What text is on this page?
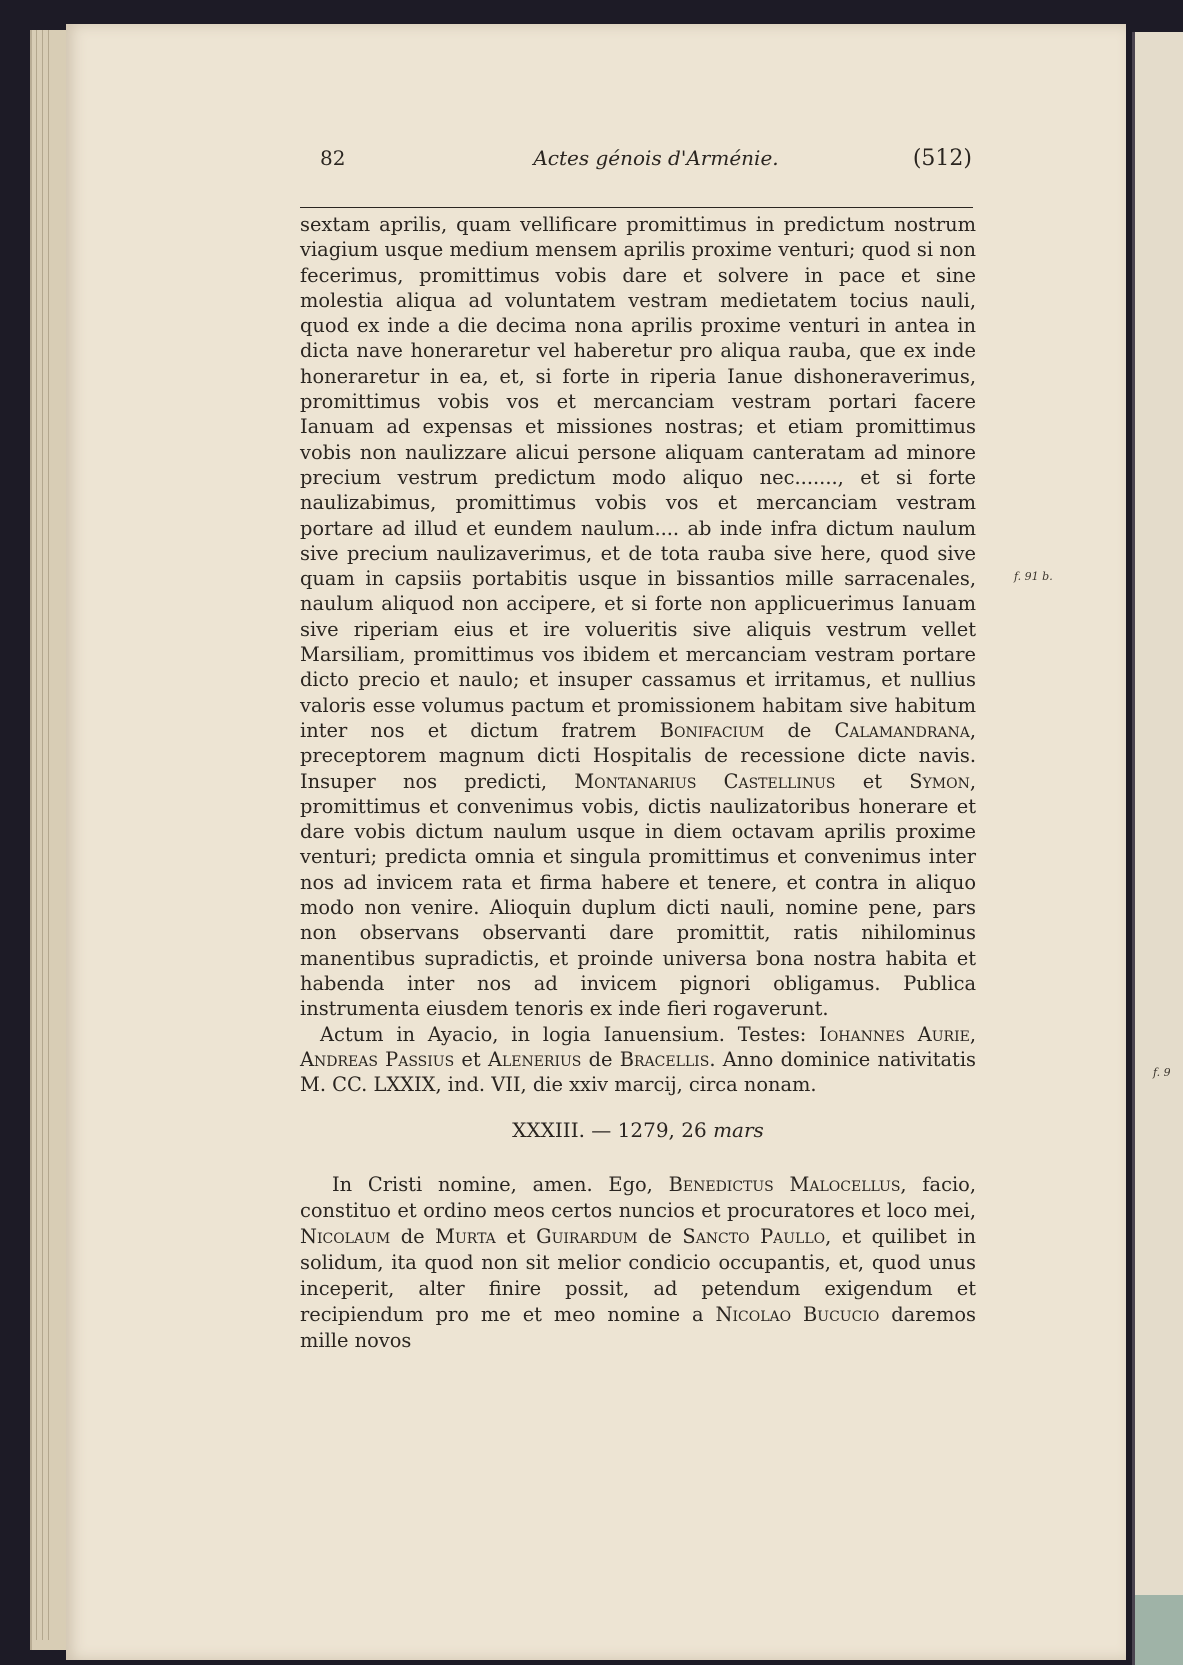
f. 9
82	Actes génois d'Arménie.	(512)

sextam aprilis, quam vellificare promittimus in predictum nostrum viagium usque medium mensem aprilis proxime venturi; quod si non fecerimus, promittimus vobis dare et solvere in pace et sine molestia aliqua ad voluntatem vestram medietatem tocius nauli, quod ex inde a die decima nona aprilis proxime venturi in antea in dicta nave honeraretur vel haberetur pro aliqua rauba, que ex inde honeraretur in ea, et, si forte in riperia Ianue dishoneraverimus, promittimus vobis vos et mercanciam vestram portari facere Ianuam ad expensas et missiones nostras; et etiam promittimus vobis non naulizzare alicui persone aliquam canteratam ad minore precium vestrum predictum modo aliquo nec......., et si forte naulizabimus, promittimus vobis vos et mercanciam vestram portare ad illud et eundem naulum.... ab inde infra dictum naulum sive precium naulizaverimus, et de tota rauba sive here, quod sive quam in capsiis portabitis usque in bissantios mille sarracenales, naulum aliquod non accipere, et si forte non applicuerimus Ianuam sive riperiam eius et ire volueritis sive aliquis vestrum vellet Marsiliam, promittimus vos ibidem et mercanciam vestram portare dicto precio et naulo; et insuper cassamus et irritamus, et nullius valoris esse volumus pactum et promissionem habitam sive habitum inter nos et dictum fratrem Bonifacium de Calamandrana, preceptorem magnum dicti Hospitalis de recessione dicte navis. Insuper nos predicti, Montanarius Castellinus et Symon, promittimus et convenimus vobis, dictis naulizatoribus honerare et dare vobis dictum naulum usque in diem octavam aprilis proxime venturi; predicta omnia et singula promittimus et convenimus inter nos ad invicem rata et firma habere et tenere, et contra in aliquo modo non venire. Alioquin duplum dicti nauli, nomine pene, pars non observans observanti dare promittit, ratis nihilominus manentibus supradictis, et proinde universa bona nostra habita et habenda inter nos ad invicem pignori obligamus. Publica instrumenta eiusdem tenoris ex inde fieri rogaverunt.

Actum in Ayacio, in logia Ianuensium. Testes: Iohannes Aurie, Andreas Passius et Alenerius de Bracellis. Anno dominice nativitatis M. CC. LXXIX, ind. VII, die xxiv marcij, circa nonam.

f. 91 b.
XXXIII. — 1279, 26 mars

In Cristi nomine, amen. Ego, Benedictus Malocellus, facio, constituo et ordino meos certos nuncios et procuratores et loco mei, Nicolaum de Murta et Guirardum de Sancto Paullo, et quilibet in solidum, ita quod non sit melior condicio occupantis, et, quod unus inceperit, alter finire possit, ad petendum exigendum et recipiendum pro me et meo nomine a Nicolao Bucucio daremos mille novos
